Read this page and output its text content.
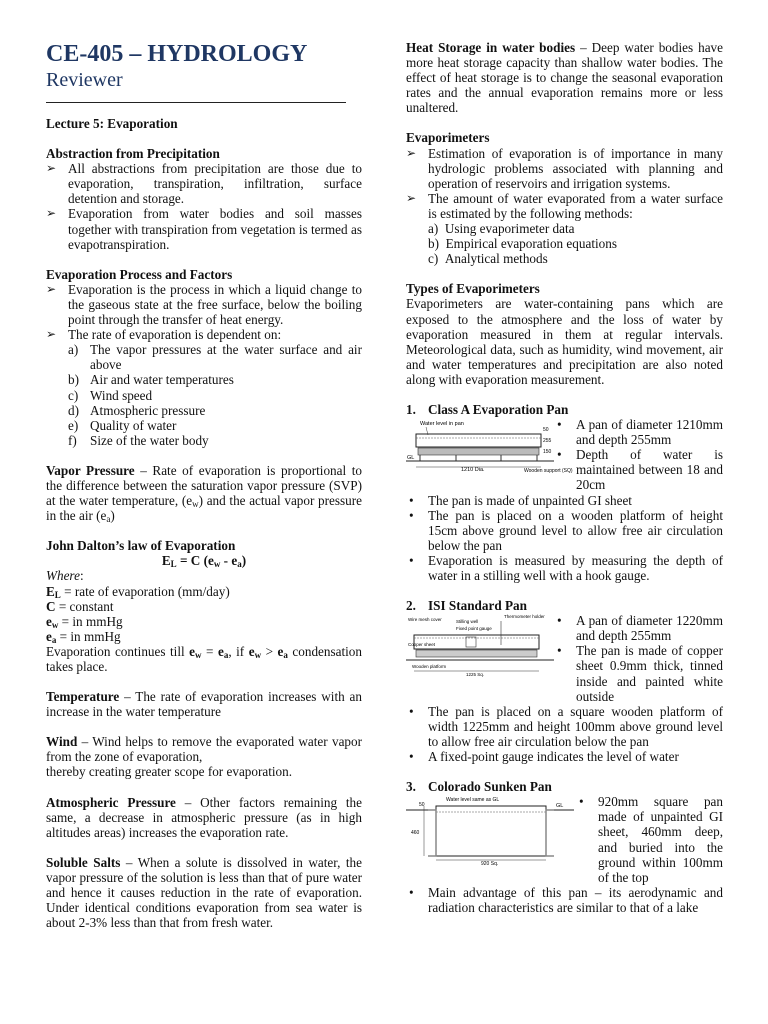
CE-405 – HYDROLOGY
Reviewer

Lecture 5: Evaporation

Abstraction from Precipitation

➢ All abstractions from precipitation are those due to evaporation, transpiration, infiltration, surface detention and storage.
➢ Evaporation from water bodies and soil masses together with transpiration from vegetation is termed as evapotranspiration.

Evaporation Process and Factors

➢ Evaporation is the process in which a liquid change to the gaseous state at the free surface, below the boiling point through the transfer of heat energy.
➢ The rate of evaporation is dependent on:
a) The vapor pressures at the water surface and air above
b) Air and water temperatures
c) Wind speed
d) Atmospheric pressure
e) Quality of water
f) Size of the water body

Vapor Pressure – Rate of evaporation is proportional to the difference between the saturation vapor pressure (SVP) at the water temperature, $(e_w)$ and the actual vapor pressure in the air $(e_a)$

John Dalton’s law of Evaporation

$E_L = C$ $(e_w - e_a)$

Where:

$E_L$ = rate of evaporation (mm/day)

C = constant

$e_w$ = in mmHg

$e_a$ = in mmHg

Evaporation continues till $e_w = e_a$, if $e_w > e_a$ condensation takes place.

Temperature – The rate of evaporation increases with an increase in the water temperature

Wind – Wind helps to remove the evaporated water vapor from the zone of evaporation,

thereby creating greater scope for evaporation.

Atmospheric Pressure – Other factors remaining the same, a decrease in atmospheric pressure (as in high altitudes areas) increases the evaporation rate.

Soluble Salts – When a solute is dissolved in water, the vapor pressure of the solution is less than that of pure water and hence it causes reduction in the rate of evaporation. Under identical conditions evaporation from sea water is about 2-3% less than that from fresh water.

Heat Storage in water bodies – Deep water bodies have more heat storage capacity than shallow water bodies. The effect of heat storage is to change the seasonal evaporation rates and the annual evaporation remains more or less unaltered.

Evaporimeters

➢ Estimation of evaporation is of importance in many hydrologic problems associated with planning and operation of reservoirs and irrigation systems.
➢ The amount of water evaporated from a water surface is estimated by the following methods:
a) Using evaporimeter data
b) Empirical evaporation equations
c) Analytical methods

Types of Evaporimeters

Evaporimeters are water-containing pans which are exposed to the atmosphere and the loss of water by evaporation measured in them at regular intervals. Meteorological data, such as humidity, wind movement, air and water temperatures and precipitation are also noted along with evaporation measurement.

1. Class A Evaporation Pan
Water level in pan
GL
1210 Dia.	Wooden support (SQ)
50
255
150
• A pan of diameter 1210mm and depth 255mm
• Depth of water is maintained between 18 and 20cm
• The pan is made of unpainted GI sheet
• The pan is placed on a wooden platform of height 15cm above ground level to allow free air circulation below the pan
• Evaporation is measured by measuring the depth of water in a stilling well with a hook gauge.
2. ISI Standard Pan
Wire mesh cover	Stilling well
Thermometer holder
Fixed point gauge
Copper sheet
Wooden platform
1225 Sq.
• A pan of diameter 1220mm and depth 255mm
• The pan is made of copper sheet 0.9mm thick, tinned inside and painted white outside
• The pan is placed on a square wooden platform of width 1225mm and height 100mm above ground level to allow free air circulation below the pan
• A fixed-point gauge indicates the level of water
3. Colorado Sunken Pan
Water level same as GL
GL
50
460
920 Sq.
• 920mm square pan made of unpainted GI sheet, 460mm deep, and buried into the ground within 100mm of the top
• Main advantage of this pan – its aerodynamic and radiation characteristics are similar to that of a lake
